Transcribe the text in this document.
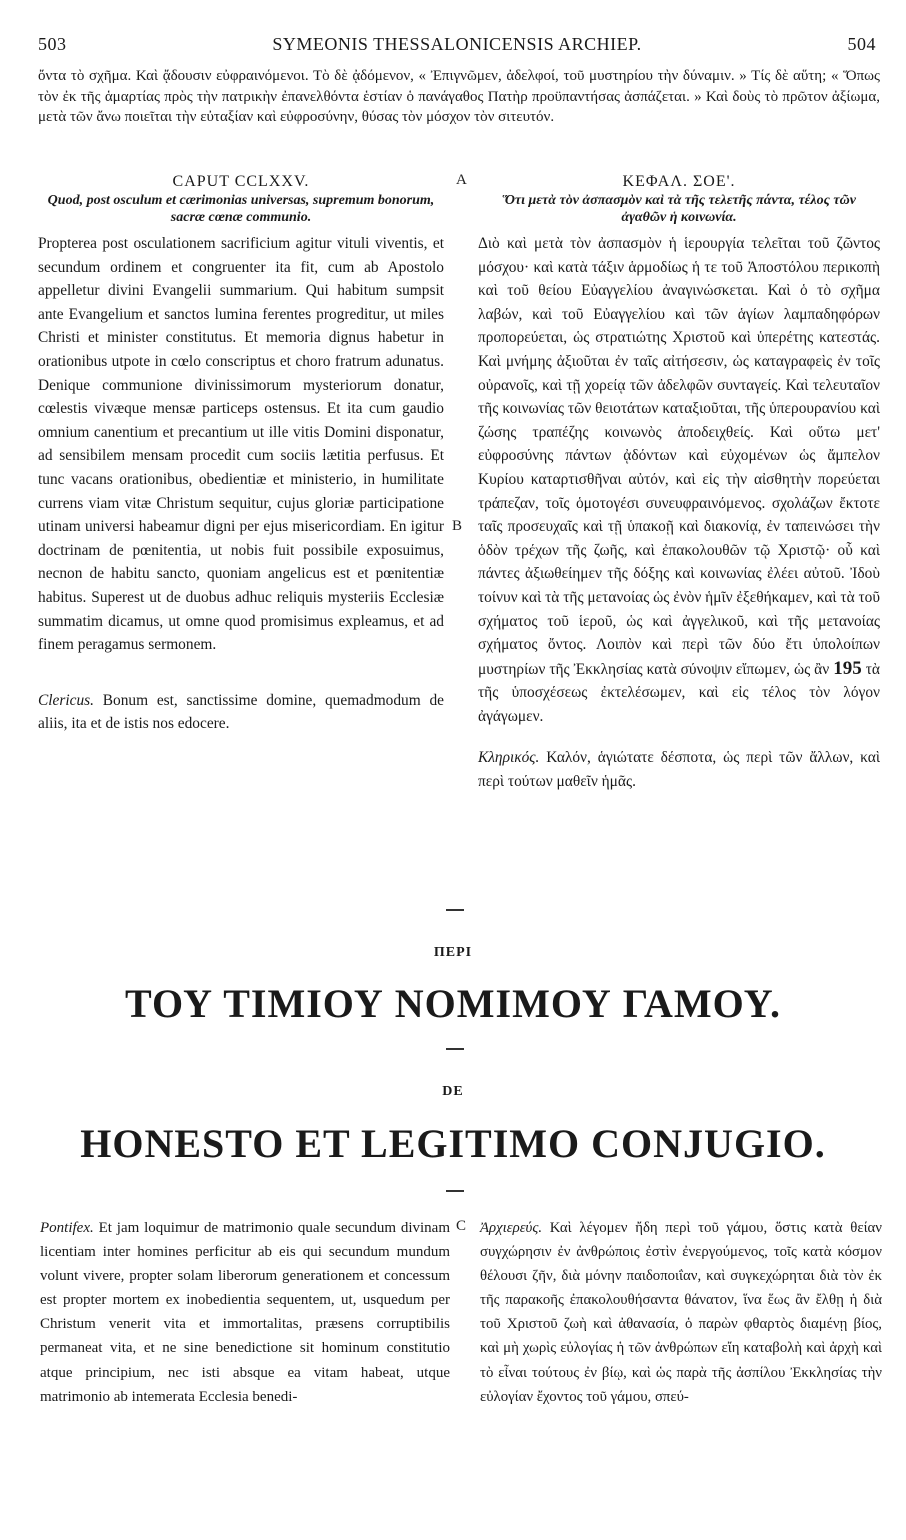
503	SYMEONIS THESSALONICENSIS ARCHIEP.	504
ὄντα τὸ σχῆμα. Καὶ ᾄδουσιν εὐφραινόμενοι. Τὸ δὲ ᾀδόμενον, « Ἐπιγνῶμεν, ἀδελφοί, τοῦ μυστηρίου τὴν δύναμιν. » Τίς δὲ αὕτη; « Ὅπως τὸν ἐκ τῆς ἁμαρτίας πρὸς τὴν πατρικὴν ἐπανελθόντα ἑστίαν ὁ πανάγαθος Πατὴρ προϋπαντήσας ἀσπάζεται. » Καὶ δοὺς τὸ πρῶτον ἀξίωμα, μετὰ τῶν ἄνω ποιεῖται τὴν εὐταξίαν καὶ εὐφροσύνην, θύσας τὸν μόσχον τὸν σιτευτόν.
CAPUT CCLXXV.
Quod, post osculum et cærimonias universas, supremum bonorum, sacræ cœnæ communio.
Propterea post osculationem sacrificium agitur vituli viventis, et secundum ordinem et congruenter ita fit, cum ab Apostolo appelletur divini Evangelii summarium. Qui habitum sumpsit ante Evangelium et sanctos lumina ferentes progreditur, ut miles Christi et minister constitutus. Et memoria dignus habetur in orationibus utpote in cœlo conscriptus et choro fratrum adunatus. Denique communione divinissimorum mysteriorum donatur, cœlestis vivæque mensæ particeps ostensus. Et ita cum gaudio omnium canentium et precantium ut ille vitis Domini disponatur, ad sensibilem mensam procedit cum sociis lætitia perfusus. Et tunc vacans orationibus, obedientiæ et ministerio, in humilitate currens viam vitæ Christum sequitur, cujus gloriæ participatione utinam universi habeamur digni per ejus misericordiam. En igitur doctrinam de pœnitentia, ut nobis fuit possibile exposuimus, necnon de habitu sancto, quoniam angelicus est et pœnitentiæ habitus. Superest ut de duobus adhuc reliquis mysteriis Ecclesiæ summatim dicamus, ut omne quod promisimus expleamus, et ad finem peragamus sermonem.
Clericus. Bonum est, sanctissime domine, quemadmodum de aliis, ita et de istis nos edocere.
ΚΕΦΑΛ. ΣΟΕ'.
Ὅτι μετὰ τὸν ἀσπασμὸν καὶ τὰ τῆς τελετῆς πάντα, τέλος τῶν ἀγαθῶν ἡ κοινωνία.
Διὸ καὶ μετὰ τὸν ἀσπασμὸν ἡ ἱερουργία τελεῖται τοῦ ζῶντος μόσχου· καὶ κατὰ τάξιν ἁρμοδίως ἡ τε τοῦ Ἀποστόλου περικοπὴ καὶ τοῦ θείου Εὐαγγελίου ἀναγινώσκεται. Καὶ ὁ τὸ σχῆμα λαβών, καὶ τοῦ Εὐαγγελίου καὶ τῶν ἁγίων λαμπαδηφόρων προπορεύεται, ὡς στρατιώτης Χριστοῦ καὶ ὑπερέτης κατεστάς. Καὶ μνήμης ἀξιοῦται ἐν ταῖς αἰτήσεσιν, ὡς καταγραφεὶς ἐν τοῖς οὐρανοῖς, καὶ τῇ χορείᾳ τῶν ἀδελφῶν συνταγείς. Καὶ τελευταῖον τῆς κοινωνίας τῶν θειοτάτων καταξιοῦται, τῆς ὑπερουρανίου καὶ ζώσης τραπέζης κοινωνὸς ἀποδειχθείς. Καὶ οὕτω μετ' εὐφροσύνης πάντων ᾀδόντων καὶ εὐχομένων ὡς ἄμπελον Κυρίου καταρτισθῆναι αὐτόν, καὶ εἰς τὴν αἰσθητὴν πορεύεται τράπεζαν, τοῖς ὁμοτογέσι συνευφραινόμενος. σχολάζων ἔκτοτε ταῖς προσευχαῖς καὶ τῇ ὑπακοῇ καὶ διακονίᾳ, ἐν ταπεινώσει τὴν ὁδὸν τρέχων τῆς ζωῆς, καὶ ἐπακολουθῶν τῷ Χριστῷ· οὗ καὶ πάντες ἀξιωθείημεν τῆς δόξης καὶ κοινωνίας ἐλέει αὐτοῦ. Ἰδοὺ τοίνυν καὶ τὰ τῆς μετανοίας ὡς ἐνὸν ἡμῖν ἐξεθήκαμεν, καὶ τὰ τοῦ σχήματος τοῦ ἱεροῦ, ὡς καὶ ἀγγελικοῦ, καὶ τῆς μετανοίας σχήματος ὄντος. Λοιπὸν καὶ περὶ τῶν δύο ἔτι ὑπολοίπων μυστηρίων τῆς Ἐκκλησίας κατὰ σύνοψιν εἴπωμεν, ὡς ἂν 195 τὰ τῆς ὑποσχέσεως ἐκτελέσωμεν, καὶ εἰς τέλος τὸν λόγον ἀγάγωμεν.
Κληρικός. Καλόν, ἁγιώτατε δέσποτα, ὡς περὶ τῶν ἄλλων, καὶ περὶ τούτων μαθεῖν ἡμᾶς.
A
B
C
ΠΕΡΙ
ΤΟΥ ΤΙΜΙΟΥ ΝΟΜΙΜΟΥ ΓΑΜΟΥ.
DE
HONESTO ET LEGITIMO CONJUGIO.
Pontifex. Et jam loquimur de matrimonio quale secundum divinam licentiam inter homines perficitur ab eis qui secundum mundum volunt vivere, propter solam liberorum generationem et concessum est propter mortem ex inobedientia sequentem, ut, usquedum per Christum venerit vita et immortalitas, præsens corruptibilis permaneat vita, et ne sine benedictione sit hominum constitutio atque principium, nec isti absque ea vitam habeat, utque matrimonio ab intemerata Ecclesia benedi-
Ἀρχιερεύς. Καὶ λέγομεν ἤδη περὶ τοῦ γάμου, ὅστις κατὰ θείαν συγχώρησιν ἐν ἀνθρώποις ἐστὶν ἐνεργούμενος, τοῖς κατὰ κόσμον θέλουσι ζῆν, διὰ μόνην παιδοποιΐαν, καὶ συγκεχώρηται διὰ τὸν ἐκ τῆς παρακοῆς ἐπακολουθήσαντα θάνατον, ἵνα ἕως ἂν ἔλθῃ ἡ διὰ τοῦ Χριστοῦ ζωὴ καὶ ἀθανασία, ὁ παρὼν φθαρτὸς διαμένῃ βίος, καὶ μὴ χωρὶς εὐλογίας ἡ τῶν ἀνθρώπων εἴη καταβολὴ καὶ ἀρχὴ καὶ τὸ εἶναι τούτους ἐν βίῳ, καὶ ὡς παρὰ τῆς ἀσπίλου Ἐκκλησίας τὴν εὐλογίαν ἔχοντος τοῦ γάμου, σπεύ-
